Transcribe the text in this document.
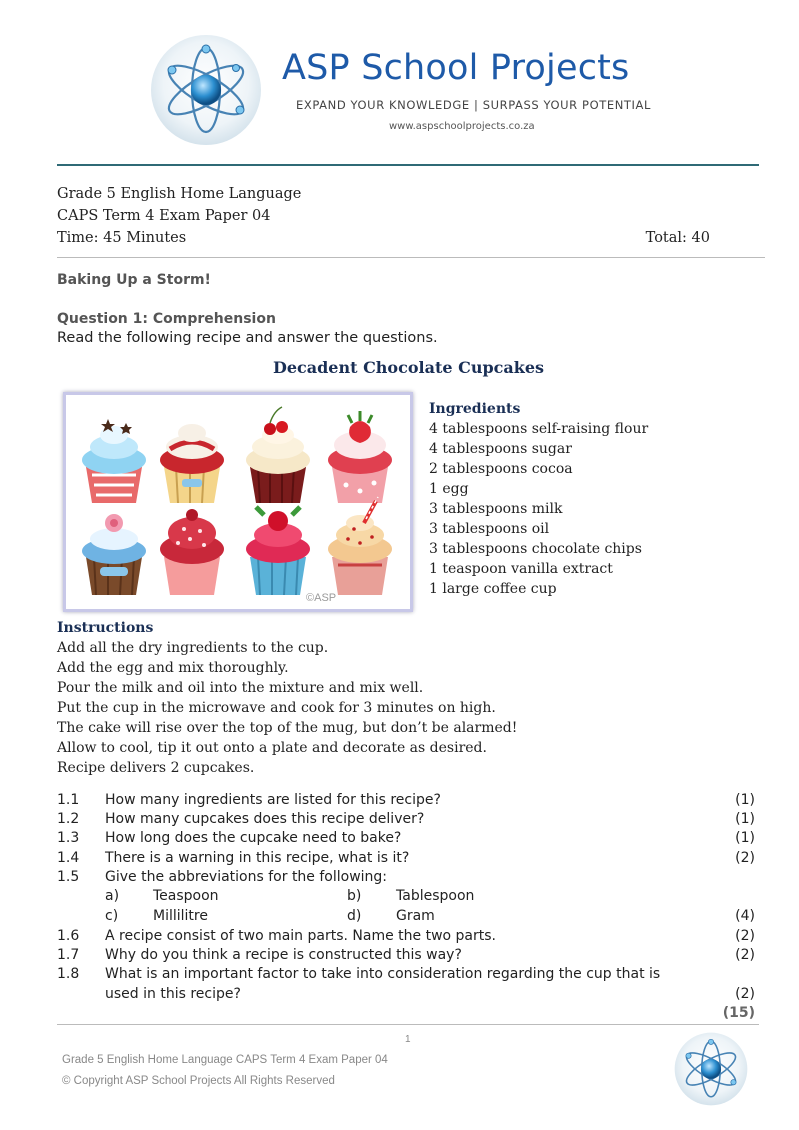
ASP School Projects
EXPAND YOUR KNOWLEDGE | SURPASS YOUR POTENTIAL
www.aspschoolprojects.co.za
Grade 5 English Home Language
CAPS Term 4 Exam Paper 04
Time: 45 Minutes	Total: 40
Baking Up a Storm!
Question 1: Comprehension
Read the following recipe and answer the questions.
Decadent Chocolate Cupcakes
©ASP
Ingredients
4 tablespoons self-raising flour
4 tablespoons sugar
2 tablespoons cocoa
1 egg
3 tablespoons milk
3 tablespoons oil
3 tablespoons chocolate chips
1 teaspoon vanilla extract
1 large coffee cup
Instructions
Add all the dry ingredients to the cup.
Add the egg and mix thoroughly.
Pour the milk and oil into the mixture and mix well.
Put the cup in the microwave and cook for 3 minutes on high.
The cake will rise over the top of the mug, but don’t be alarmed!
Allow to cool, tip it out onto a plate and decorate as desired.
Recipe delivers 2 cupcakes.
1.1 How many ingredients are listed for this recipe?	(1)
1.2 How many cupcakes does this recipe deliver?	(1)
1.3 How long does the cupcake need to bake?	(1)
1.4 There is a warning in this recipe, what is it?	(2)
1.5 Give the abbreviations for the following:
a) Teaspoon	b) Tablespoon
c) Millilitre	d) Gram	(4)
1.6 A recipe consist of two main parts. Name the two parts.	(2)
1.7 Why do you think a recipe is constructed this way?	(2)
1.8 What is an important factor to take into consideration regarding the cup that is
used in this recipe?	(2)
(15)
1
Grade 5 English Home Language CAPS Term 4 Exam Paper 04
© Copyright ASP School Projects All Rights Reserved
